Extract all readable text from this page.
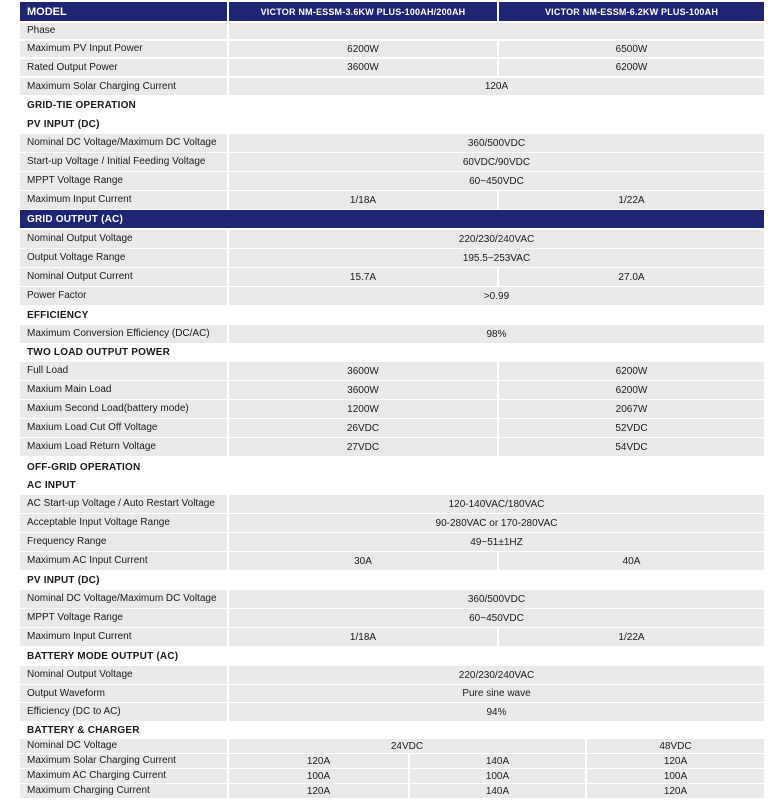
MODEL	VICTOR NM-ESSM-3.6KW PLUS-100AH/200AH	VICTOR NM-ESSM-6.2KW PLUS-100AH
Phase
Maximum PV Input Power	6200W	6500W
Rated Output Power	3600W	6200W
Maximum Solar Charging Current	120A
GRID-TIE OPERATION
PV INPUT (DC)
Nominal DC Voltage/Maximum DC Voltage	360/500VDC
Start-up Voltage / Initial Feeding Voltage	60VDC/90VDC
MPPT Voltage Range	60~450VDC
Maximum Input Current	1/18A	1/22A
GRID OUTPUT (AC)
Nominal Output Voltage	220/230/240VAC
Output Voltage Range	195.5~253VAC
Nominal Output Current	15.7A	27.0A
Power Factor	>0.99
EFFICIENCY
Maximum Conversion Efficiency (DC/AC)	98%
TWO LOAD OUTPUT POWER
Full Load	3600W	6200W
Maxium Main Load	3600W	6200W
Maxium Second Load(battery mode)	1200W	2067W
Maxium Load Cut Off Voltage	26VDC	52VDC
Maxium Load Return Voltage	27VDC	54VDC
OFF-GRID OPERATION
AC INPUT
AC Start-up Voltage / Auto Restart Voltage	120-140VAC/180VAC
Acceptable Input Voltage Range	90-280VAC or 170-280VAC
Frequency Range	49~51±1HZ
Maximum AC Input Current	30A	40A
PV INPUT (DC)
Nominal DC Voltage/Maximum DC Voltage	360/500VDC
MPPT Voltage Range	60~450VDC
Maximum Input Current	1/18A	1/22A
BATTERY MODE OUTPUT (AC)
Nominal Output Voltage	220/230/240VAC
Output Waveform	Pure sine wave
Efficiency (DC to AC)	94%
BATTERY & CHARGER
Nominal DC Voltage	24VDC	48VDC
Maximum Solar Charging Current	120A	140A	120A
Maximum AC Charging Current	100A	100A	100A
Maximum Charging Current	120A	140A	120A
